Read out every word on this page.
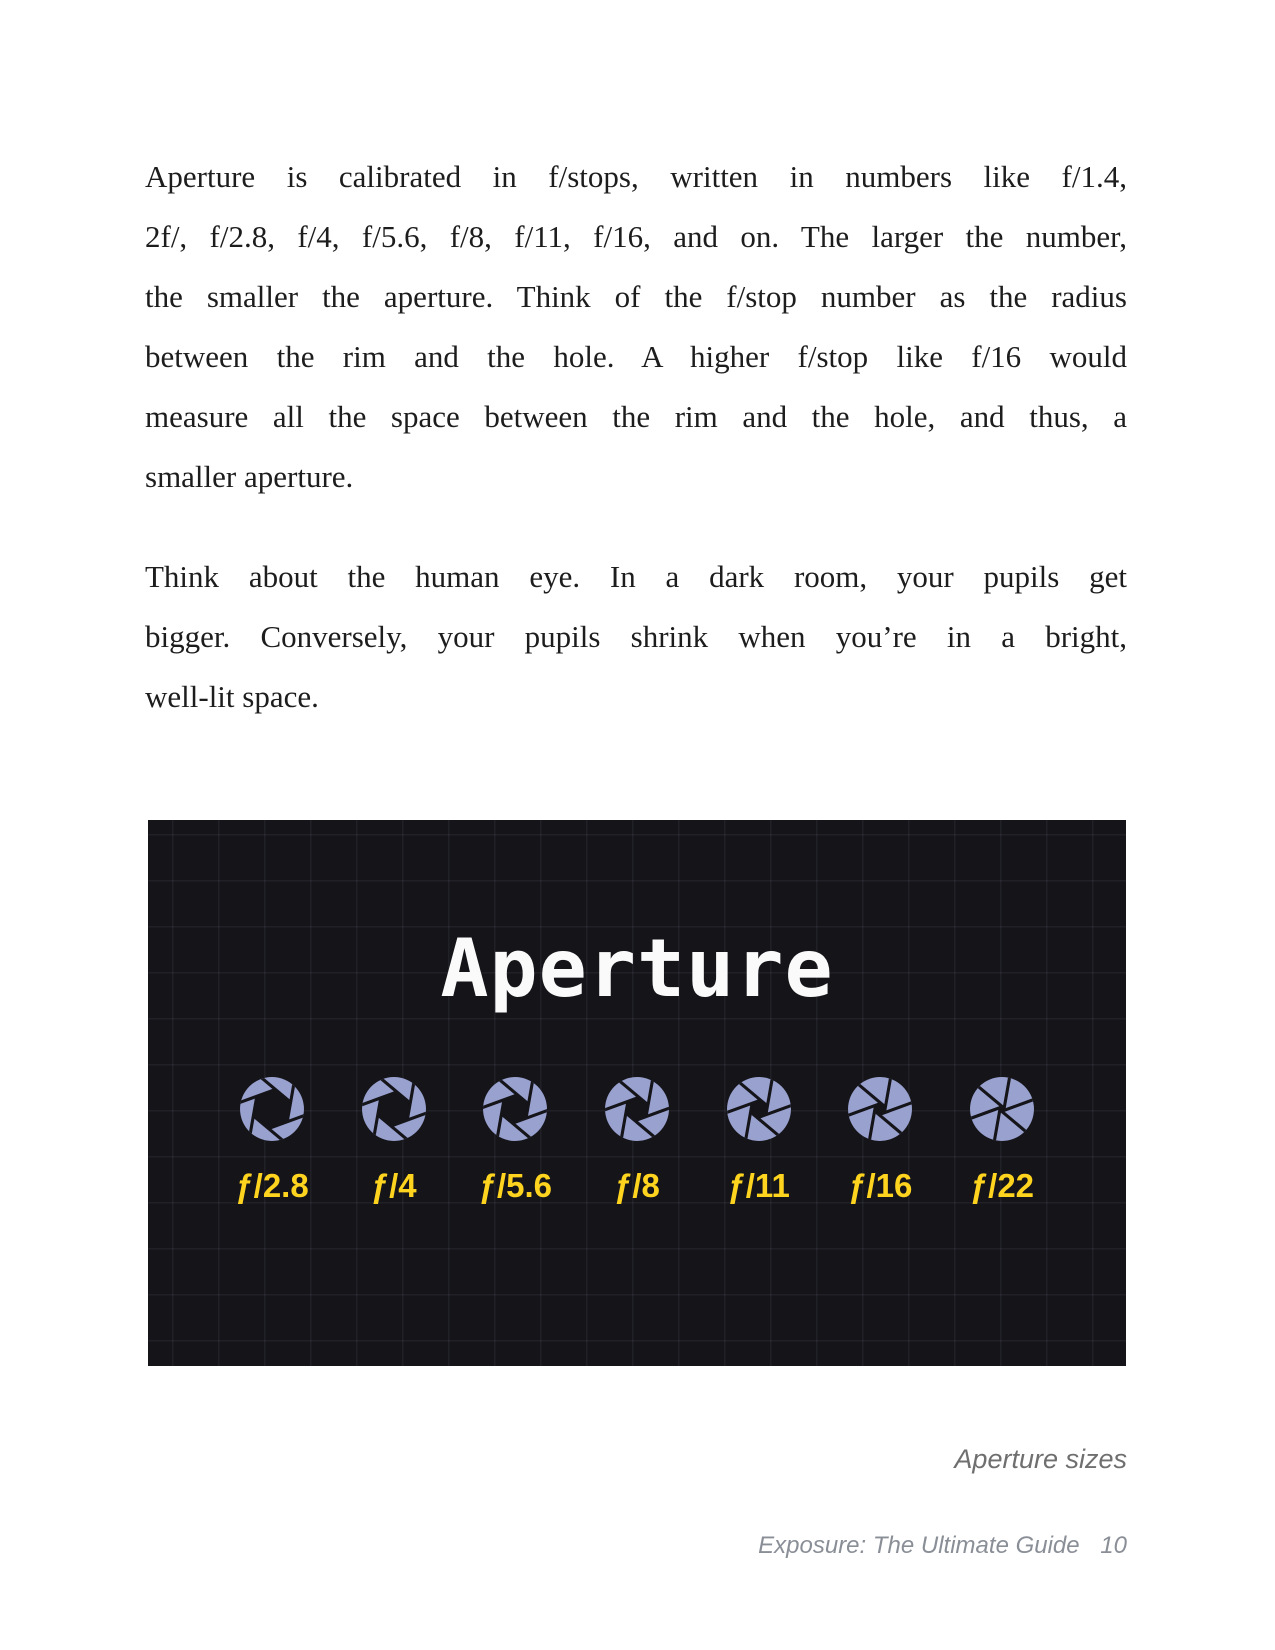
Aperture is calibrated in f/stops, written in numbers like f/1.4,
2f/, f/2.8, f/4, f/5.6, f/8, f/11, f/16, and on. The larger the number,
the smaller the aperture. Think of the f/stop number as the radius
between the rim and the hole. A higher f/stop like f/16 would
measure all the space between the rim and the hole, and thus, a
smaller aperture.
Think about the human eye. In a dark room, your pupils get
bigger. Conversely, your pupils shrink when you’re in a bright,
well-lit space.
Aperture
ƒ/2.8 ƒ/4 ƒ/5.6 ƒ/8 ƒ/11 ƒ/16 ƒ/22
Aperture sizes
Exposure: The Ultimate Guide 10
